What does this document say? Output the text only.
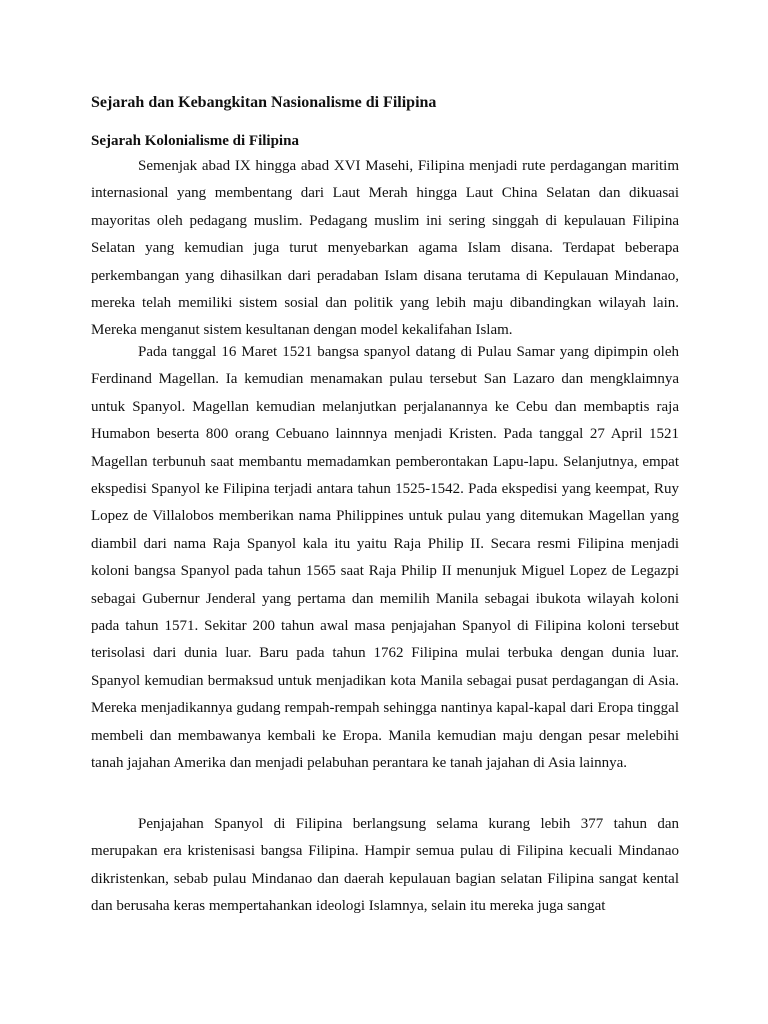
Sejarah dan Kebangkitan Nasionalisme di Filipina
Sejarah Kolonialisme di Filipina

Semenjak abad IX hingga abad XVI Masehi, Filipina menjadi rute perdagangan maritim internasional yang membentang dari Laut Merah hingga Laut China Selatan dan dikuasai mayoritas oleh pedagang muslim. Pedagang muslim ini sering singgah di kepulauan Filipina Selatan yang kemudian juga turut menyebarkan agama Islam disana. Terdapat beberapa perkembangan yang dihasilkan dari peradaban Islam disana terutama di Kepulauan Mindanao, mereka telah memiliki sistem sosial dan politik yang lebih maju dibandingkan wilayah lain. Mereka menganut sistem kesultanan dengan model kekalifahan Islam.

Pada tanggal 16 Maret 1521 bangsa spanyol datang di Pulau Samar yang dipimpin oleh Ferdinand Magellan. Ia kemudian menamakan pulau tersebut San Lazaro dan mengklaimnya untuk Spanyol. Magellan kemudian melanjutkan perjalanannya ke Cebu dan membaptis raja Humabon beserta 800 orang Cebuano lainnnya menjadi Kristen. Pada tanggal 27 April 1521 Magellan terbunuh saat membantu memadamkan pemberontakan Lapu-lapu. Selanjutnya, empat ekspedisi Spanyol ke Filipina terjadi antara tahun 1525-1542. Pada ekspedisi yang keempat, Ruy Lopez de Villalobos memberikan nama Philippines untuk pulau yang ditemukan Magellan yang diambil dari nama Raja Spanyol kala itu yaitu Raja Philip II. Secara resmi Filipina menjadi koloni bangsa Spanyol pada tahun 1565 saat Raja Philip II menunjuk Miguel Lopez de Legazpi sebagai Gubernur Jenderal yang pertama dan memilih Manila sebagai ibukota wilayah koloni pada tahun 1571. Sekitar 200 tahun awal masa penjajahan Spanyol di Filipina koloni tersebut terisolasi dari dunia luar. Baru pada tahun 1762 Filipina mulai terbuka dengan dunia luar. Spanyol kemudian bermaksud untuk menjadikan kota Manila sebagai pusat perdagangan di Asia. Mereka menjadikannya gudang rempah-rempah sehingga nantinya kapal-kapal dari Eropa tinggal membeli dan membawanya kembali ke Eropa. Manila kemudian maju dengan pesar melebihi tanah jajahan Amerika dan menjadi pelabuhan perantara ke tanah jajahan di Asia lainnya.

Penjajahan Spanyol di Filipina berlangsung selama kurang lebih 377 tahun dan merupakan era kristenisasi bangsa Filipina. Hampir semua pulau di Filipina kecuali Mindanao dikristenkan, sebab pulau Mindanao dan daerah kepulauan bagian selatan Filipina sangat kental dan berusaha keras mempertahankan ideologi Islamnya, selain itu mereka juga sangat
